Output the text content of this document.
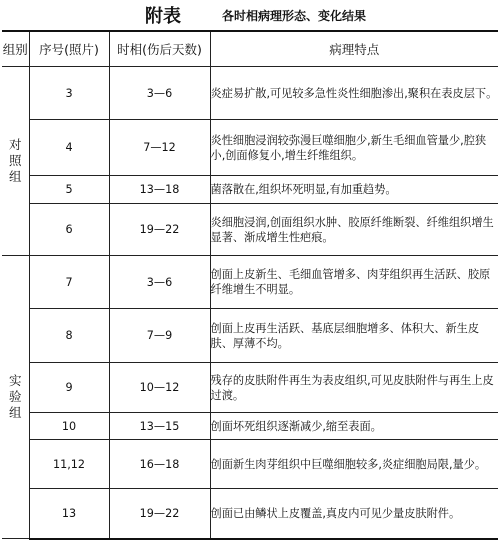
附表	各时相病理形态、变化结果
组别	序号(照片)	时相(伤后天数)	病理特点
对照组	3	3—6	炎症易扩散,可见较多急性炎性细胞渗出,聚积在表皮层下。
	4	7—12	炎性细胞浸润较弥漫巨噬细胞少,新生毛细血管量少,腔狭小,创面修复小,增生纤维组织。
	5	13—18	菌落散在,组织坏死明显,有加重趋势。
	6	19—22	炎细胞浸润,创面组织水肿、胶原纤维断裂、纤维组织增生显著、渐成增生性疤痕。
实验组	7	3—6	创面上皮新生、毛细血管增多、肉芽组织再生活跃、胶原纤维增生不明显。
	8	7—9	创面上皮再生活跃、基底层细胞增多、体积大、新生皮肤、厚薄不均。
	9	10—12	残存的皮肤附件再生为表皮组织,可见皮肤附件与再生上皮过渡。
	10	13—15	创面坏死组织逐渐减少,缩至表面。
	11,12	16—18	创面新生肉芽组织中巨噬细胞较多,炎症细胞局限,量少。
	13	19—22	创面已由鳞状上皮覆盖,真皮内可见少量皮肤附件。
